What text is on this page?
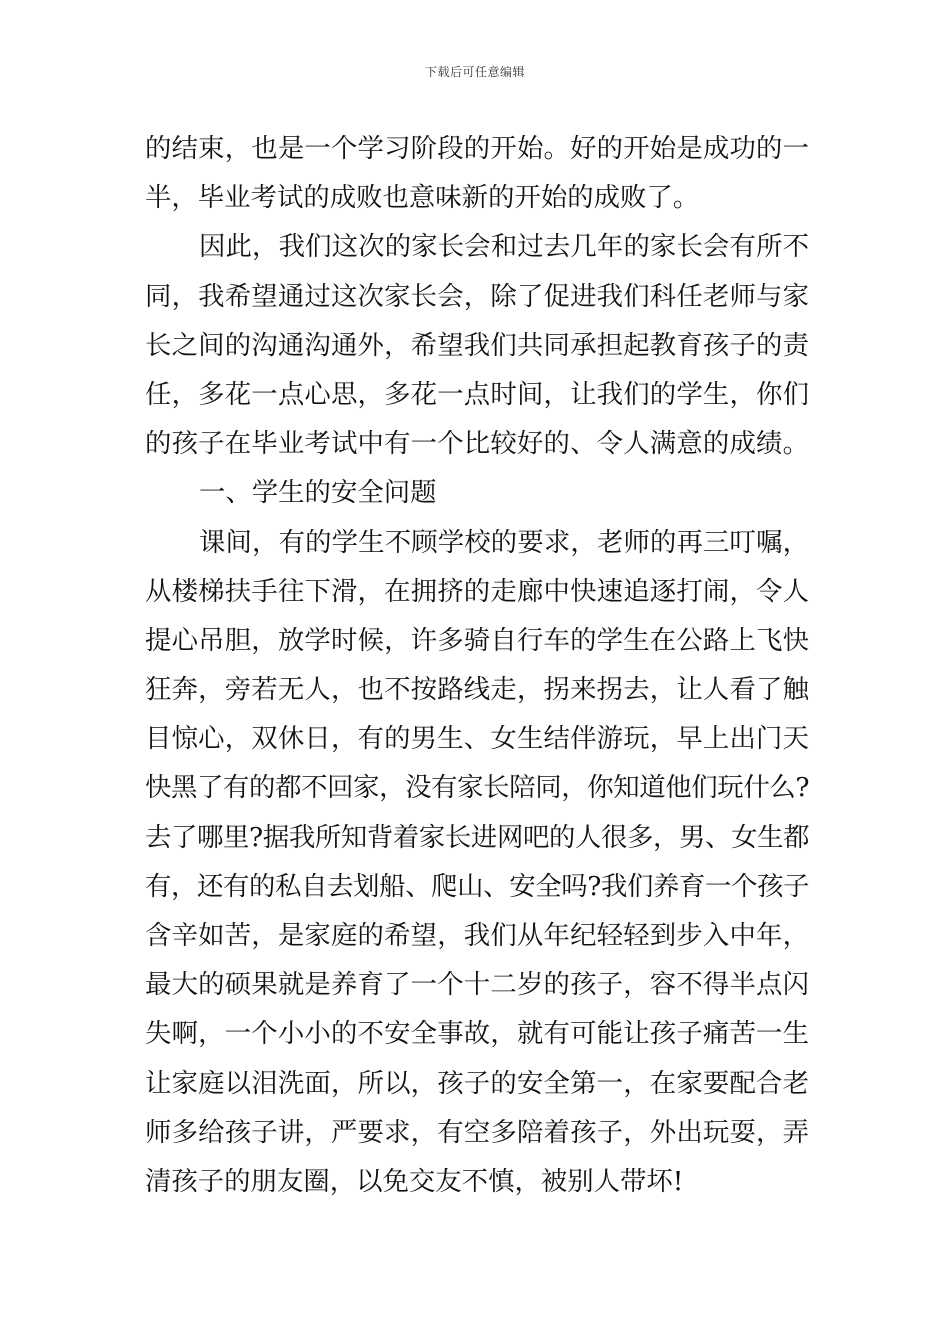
下载后可任意编辑
的结束，也是一个学习阶段的开始。好的开始是成功的一
半，毕业考试的成败也意味新的开始的成败了。
因此，我们这次的家长会和过去几年的家长会有所不
同，我希望通过这次家长会，除了促进我们科任老师与家
长之间的沟通沟通外，希望我们共同承担起教育孩子的责
任，多花一点心思，多花一点时间，让我们的学生，你们
的孩子在毕业考试中有一个比较好的、令人满意的成绩。
一、学生的安全问题
课间，有的学生不顾学校的要求，老师的再三叮嘱，
从楼梯扶手往下滑，在拥挤的走廊中快速追逐打闹，令人
提心吊胆，放学时候，许多骑自行车的学生在公路上飞快
狂奔，旁若无人，也不按路线走，拐来拐去，让人看了触
目惊心，双休日，有的男生、女生结伴游玩，早上出门天
快黑了有的都不回家，没有家长陪同，你知道他们玩什么?
去了哪里?据我所知背着家长进网吧的人很多，男、女生都
有，还有的私自去划船、爬山、安全吗?我们养育一个孩子
含辛如苦，是家庭的希望，我们从年纪轻轻到步入中年，
最大的硕果就是养育了一个十二岁的孩子，容不得半点闪
失啊，一个小小的不安全事故，就有可能让孩子痛苦一生
让家庭以泪洗面，所以，孩子的安全第一，在家要配合老
师多给孩子讲，严要求，有空多陪着孩子，外出玩耍，弄
清孩子的朋友圈，以免交友不慎，被别人带坏!
